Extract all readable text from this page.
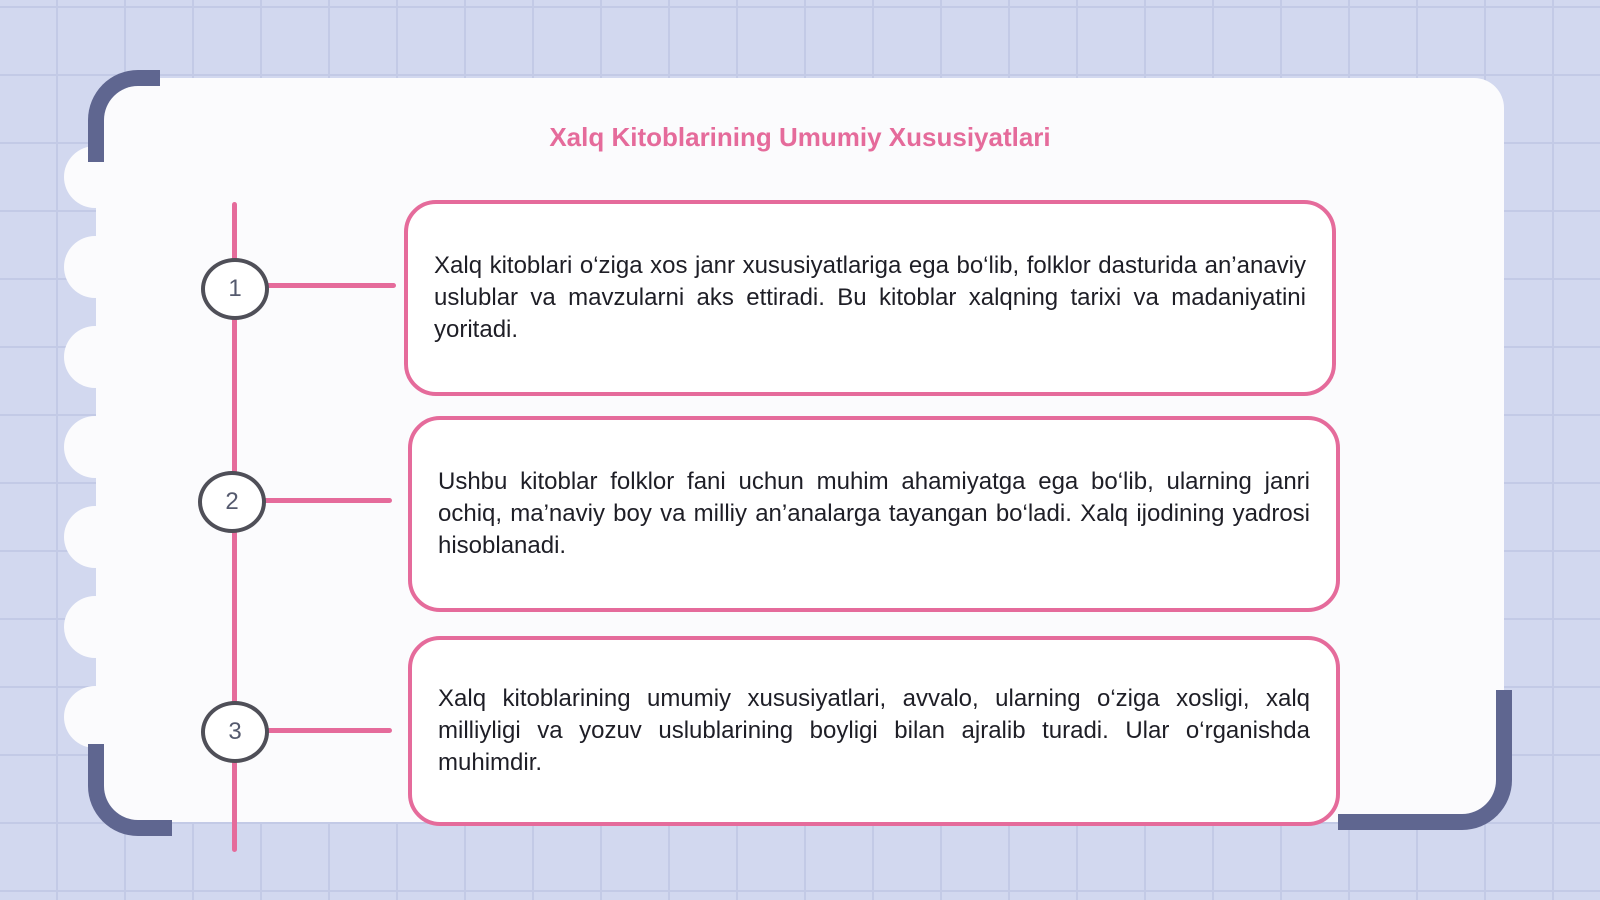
Xalq Kitoblarining Umumiy Xususiyatlari
1
2
3

Xalq kitoblari o‘ziga xos janr xususiyatlariga ega bo‘lib, folklor dasturida an’anaviy uslublar va mavzularni aks ettiradi. Bu kitoblar xalqning tarixi va madaniyatini yoritadi.

Ushbu kitoblar folklor fani uchun muhim ahamiyatga ega bo‘lib, ularning janri ochiq, ma’naviy boy va milliy an’analarga tayangan bo‘ladi. Xalq ijodining yadrosi hisoblanadi.

Xalq kitoblarining umumiy xususiyatlari, avvalo, ularning o‘ziga xosligi, xalq milliyligi va yozuv uslublarining boyligi bilan ajralib turadi. Ular o‘rganishda muhimdir.
